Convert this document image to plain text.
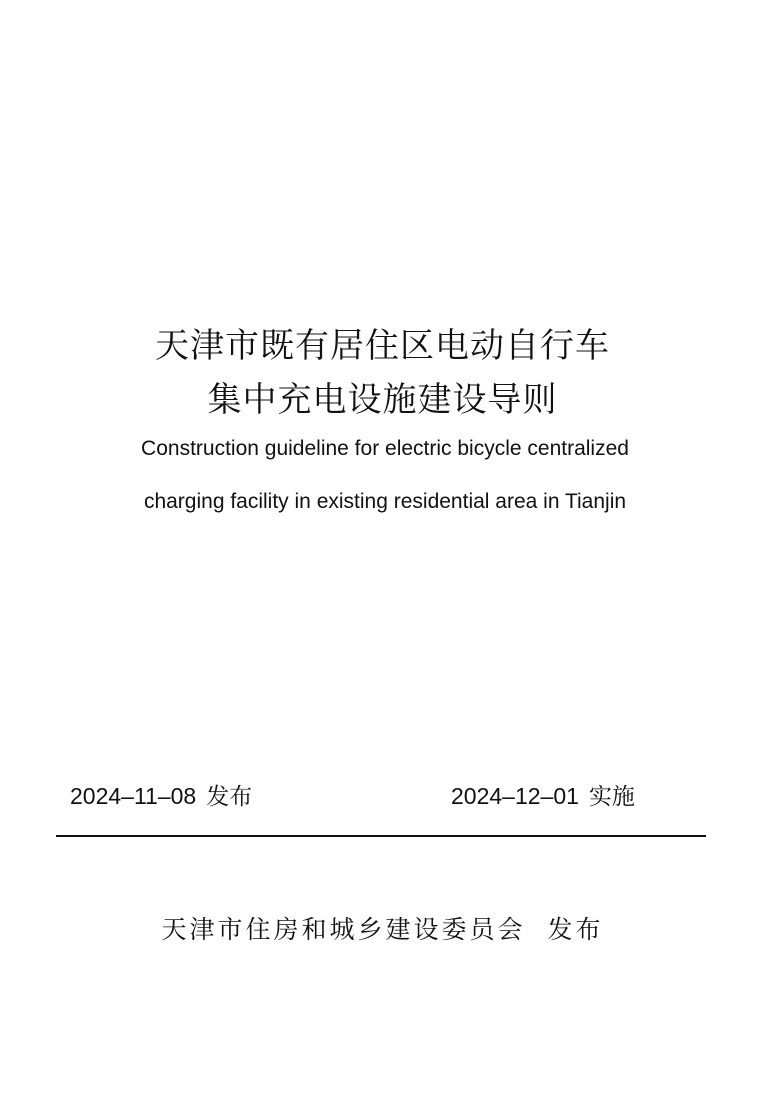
天津市既有居住区电动自行车
集中充电设施建设导则

Construction guideline for electric bicycle centralized

charging facility in existing residential area in Tianjin

2024–11–08 发布	2024–12–01 实施
天津市住房和城乡建设委员会 发布
